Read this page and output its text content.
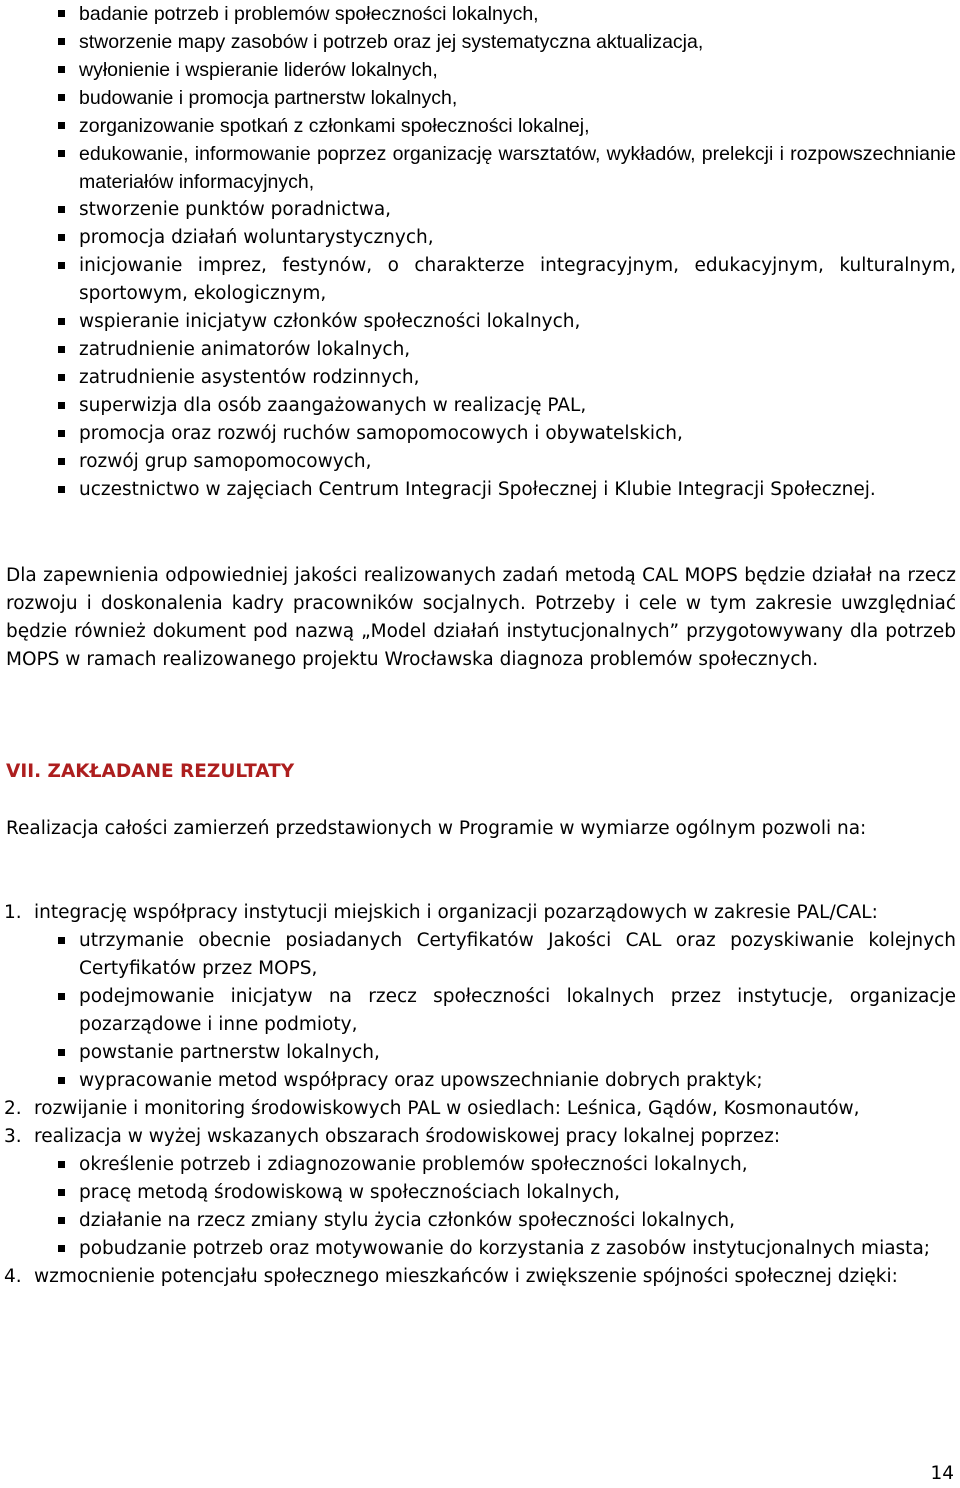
badanie potrzeb i problemów społeczności lokalnych,
stworzenie mapy zasobów i potrzeb oraz jej systematyczna aktualizacja,
wyłonienie i wspieranie liderów lokalnych,
budowanie i promocja partnerstw lokalnych,
zorganizowanie spotkań z członkami społeczności lokalnej,
edukowanie, informowanie poprzez organizację warsztatów, wykładów, prelekcji i rozpowszechnianie materiałów informacyjnych,
stworzenie punktów poradnictwa,
promocja działań woluntarystycznych,
inicjowanie imprez, festynów, o charakterze integracyjnym, edukacyjnym, kulturalnym, sportowym, ekologicznym,
wspieranie inicjatyw członków społeczności lokalnych,
zatrudnienie animatorów lokalnych,
zatrudnienie asystentów rodzinnych,
superwizja dla osób zaangażowanych w realizację PAL,
promocja oraz rozwój ruchów samopomocowych i obywatelskich,
rozwój grup samopomocowych,
uczestnictwo w zajęciach Centrum Integracji Społecznej i Klubie Integracji Społecznej.

Dla zapewnienia odpowiedniej jakości realizowanych zadań metodą CAL MOPS będzie działał na rzecz rozwoju i doskonalenia kadry pracowników socjalnych. Potrzeby i cele w tym zakresie uwzględniać będzie również dokument pod nazwą „Model działań instytucjonalnych” przygotowywany dla potrzeb MOPS w ramach realizowanego projektu Wrocławska diagnoza problemów społecznych.

VII. ZAKŁADANE REZULTATY

Realizacja całości zamierzeń przedstawionych w Programie w wymiarze ogólnym pozwoli na:

1. integrację współpracy instytucji miejskich i organizacji pozarządowych w zakresie PAL/CAL:
utrzymanie obecnie posiadanych Certyfikatów Jakości CAL oraz pozyskiwanie kolejnych Certyfikatów przez MOPS,
podejmowanie inicjatyw na rzecz społeczności lokalnych przez instytucje, organizacje pozarządowe i inne podmioty,
powstanie partnerstw lokalnych,
wypracowanie metod współpracy oraz upowszechnianie dobrych praktyk;
2. rozwijanie i monitoring środowiskowych PAL w osiedlach: Leśnica, Gądów, Kosmonautów,
3. realizacja w wyżej wskazanych obszarach środowiskowej pracy lokalnej poprzez:
określenie potrzeb i zdiagnozowanie problemów społeczności lokalnych,
pracę metodą środowiskową w społecznościach lokalnych,
działanie na rzecz zmiany stylu życia członków społeczności lokalnych,
pobudzanie potrzeb oraz motywowanie do korzystania z zasobów instytucjonalnych miasta;
4. wzmocnienie potencjału społecznego mieszkańców i zwiększenie spójności społecznej dzięki:
14
